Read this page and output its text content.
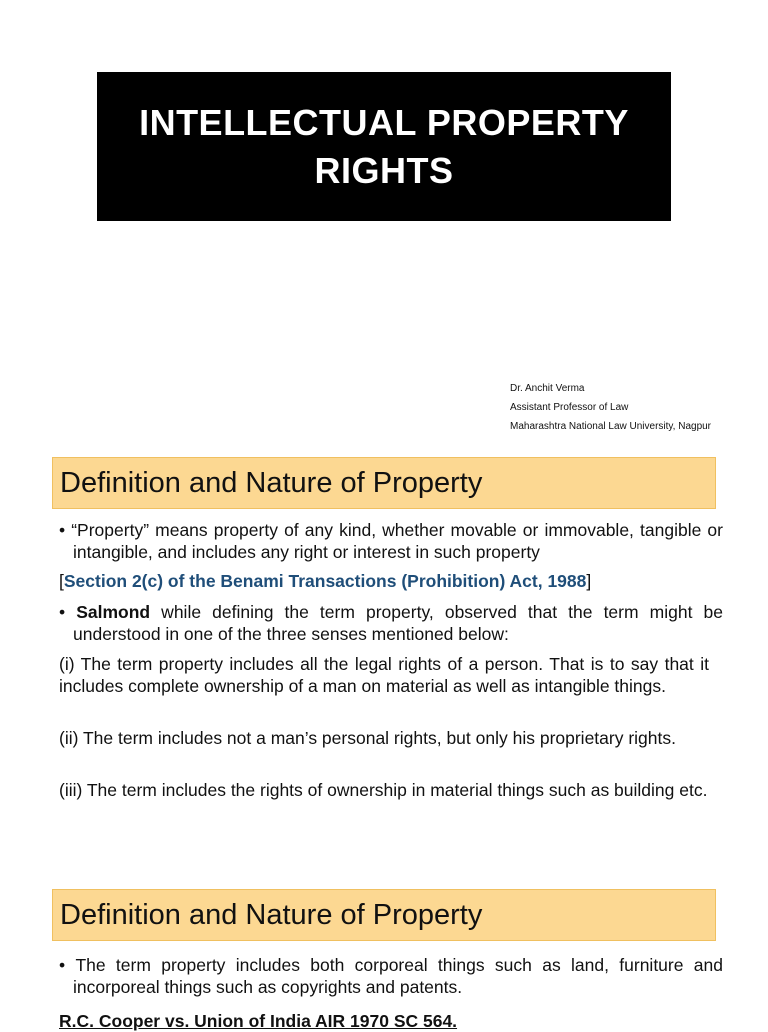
INTELLECTUAL PROPERTY
RIGHTS
Dr. Anchit Verma
Assistant Professor of Law
Maharashtra National Law University, Nagpur
Definition and Nature of Property
• “Property” means property of any kind, whether movable or immovable, tangible or intangible, and includes any right or interest in such property
[Section 2(c) of the Benami Transactions (Prohibition) Act, 1988]
• Salmond while defining the term property, observed that the term might be understood in one of the three senses mentioned below:
(i) The term property includes all the legal rights of a person. That is to say that it includes complete ownership of a man on material as well as intangible things.
(ii) The term includes not a man’s personal rights, but only his proprietary rights.
(iii) The term includes the rights of ownership in material things such as building etc.
Definition and Nature of Property
• The term property includes both corporeal things such as land, furniture and incorporeal things such as copyrights and patents.
R.C. Cooper vs. Union of India AIR 1970 SC 564.
